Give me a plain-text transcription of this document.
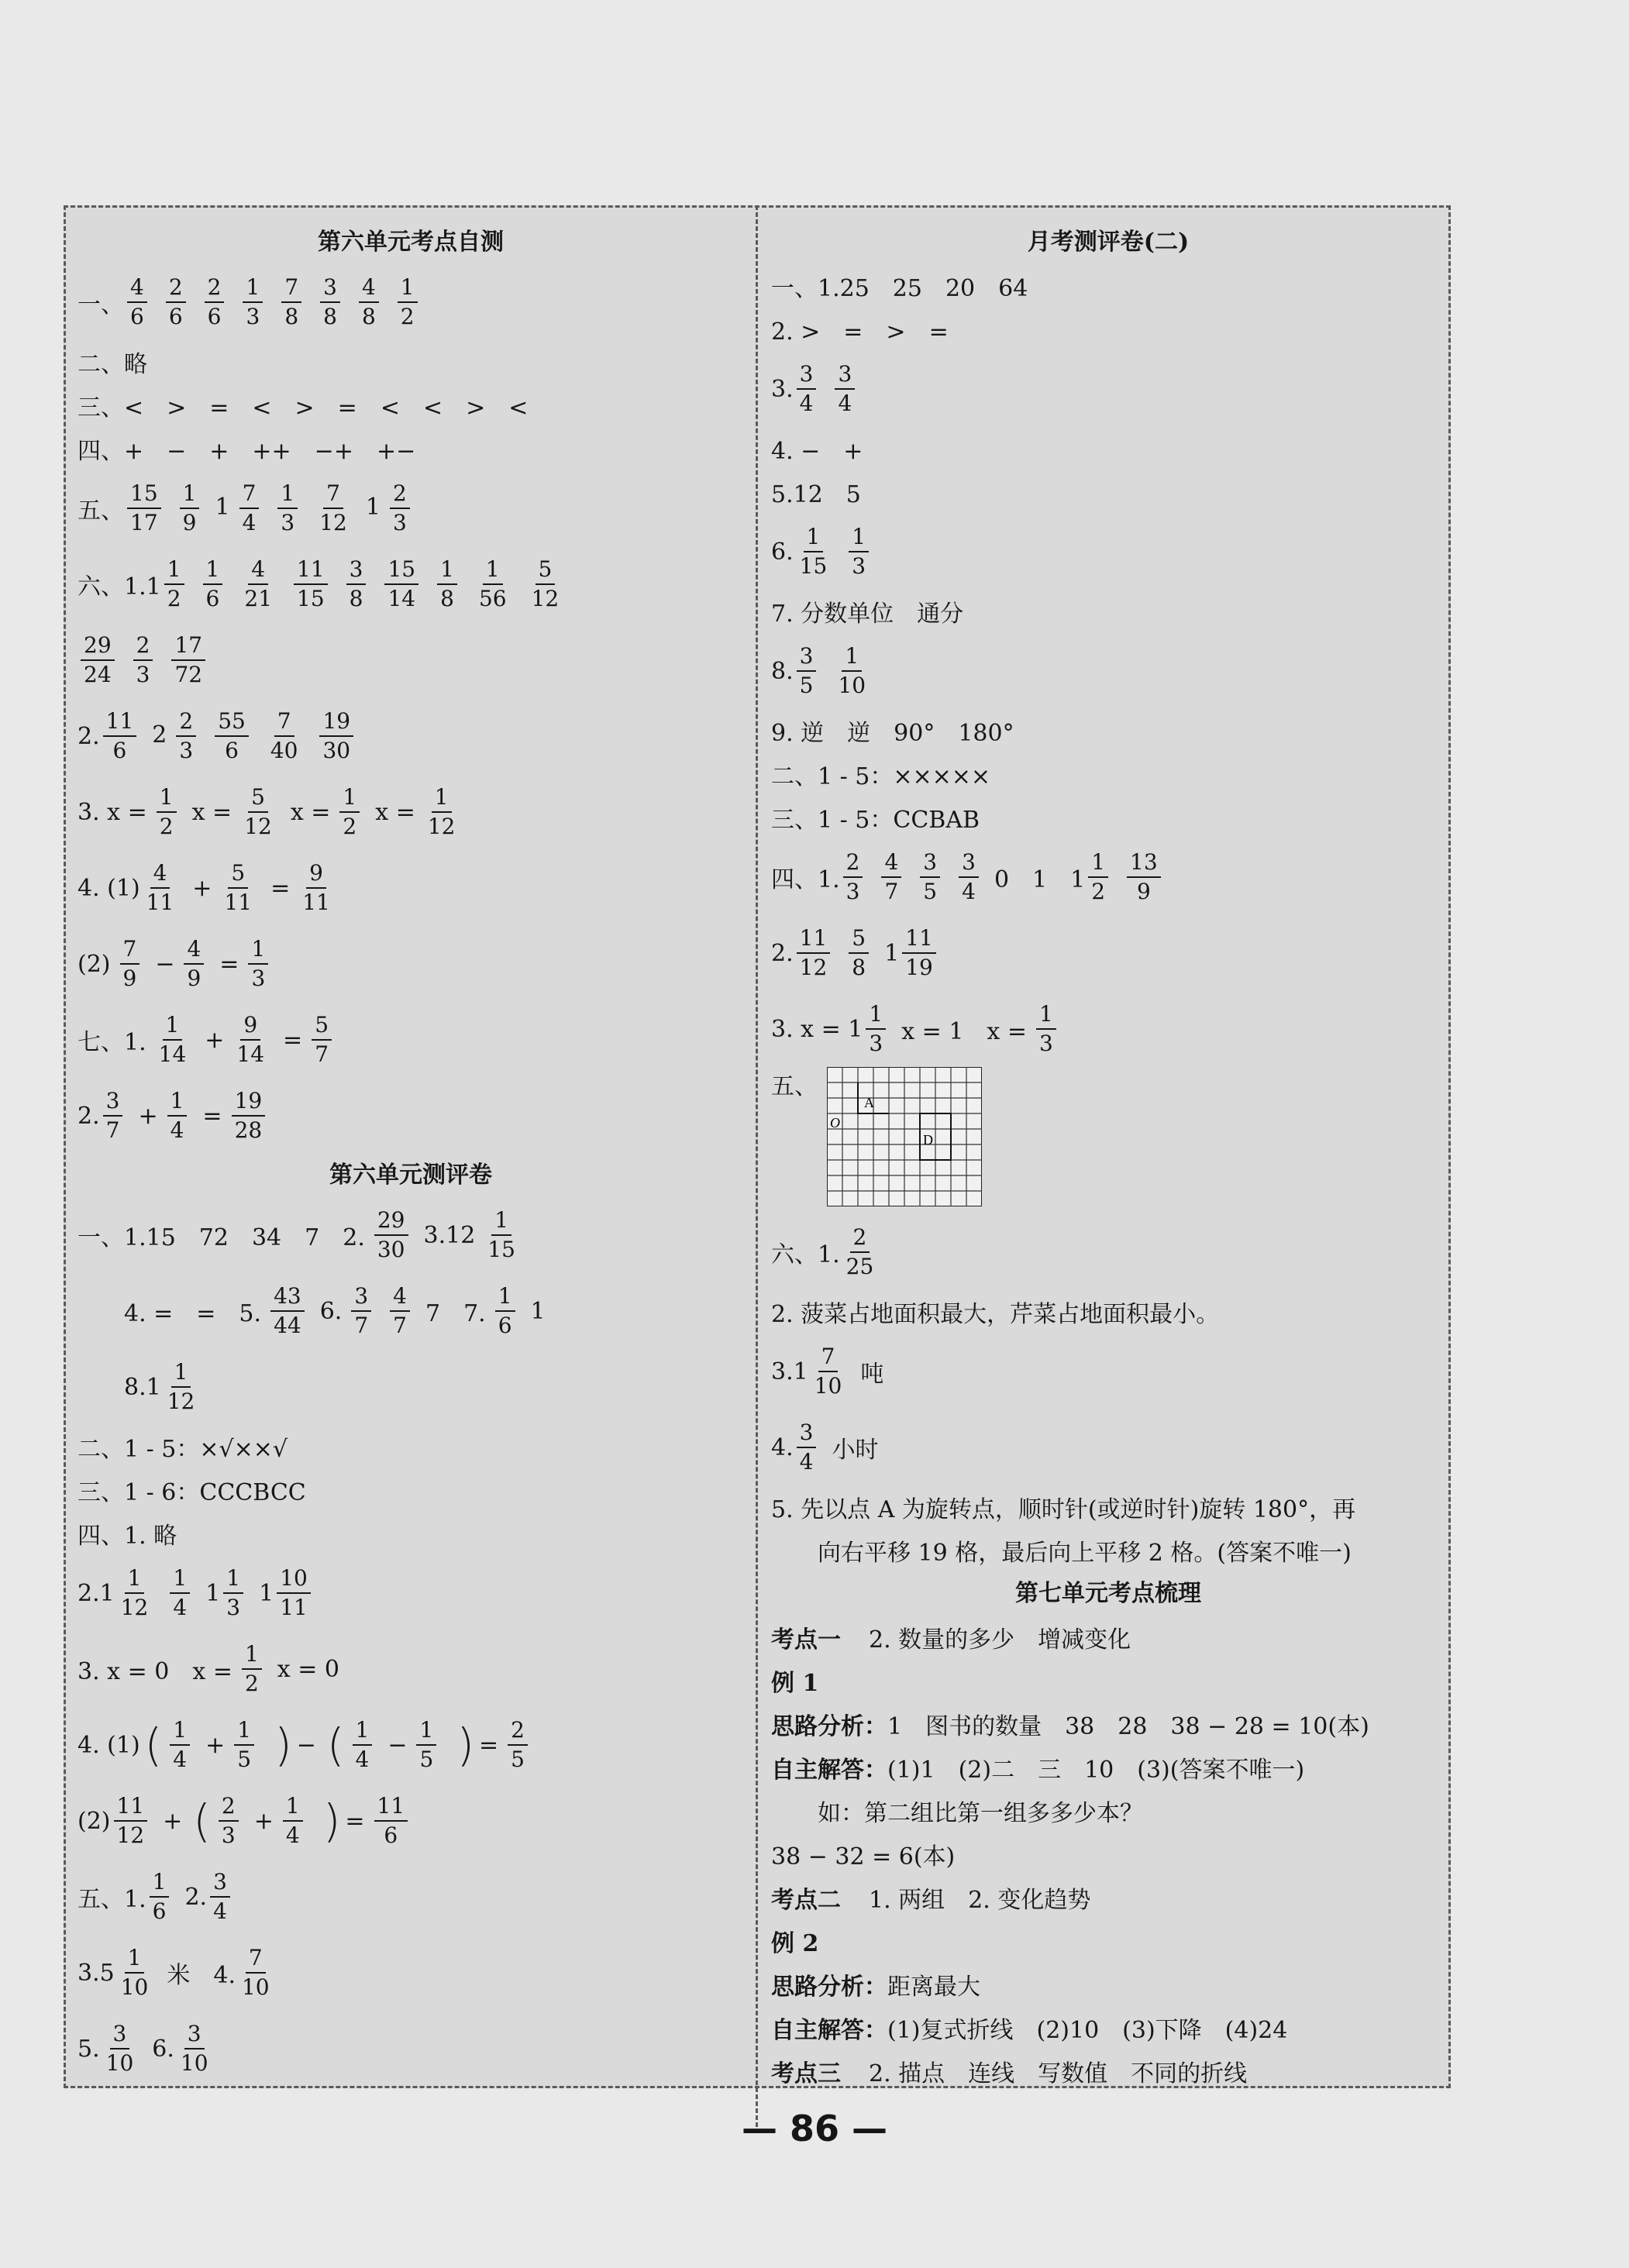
第六单元考点自测
一、 $\frac{4}{6} \frac{2}{6} \frac{2}{6} \frac{1}{3} \frac{7}{8} \frac{3}{8} \frac{4}{8} \frac{1}{2}$
二、略
三、<　>　=　<　>　=　<　<　>　<
四、+　−　+　++　−+　+−
五、 $\frac{15}{17} \frac{1}{9} 1 \frac{7}{4} \frac{1}{3} \frac{7}{12} 1 \frac{2}{3}$
六、$1.1 \frac{1}{2} \frac{1}{6} \frac{4}{21} \frac{11}{15} \frac{3}{8} \frac{15}{14} \frac{1}{8} \frac{1}{56} \frac{5}{12}$
$\frac{29}{24} \frac{2}{3} \frac{17}{72}$
2. $\frac{11}{6} 2 \frac{2}{3} \frac{55}{6} \frac{7}{40} \frac{19}{30}$
3. $x = \frac{1}{2}$ $x = \frac{5}{12}$ $x = \frac{1}{2}$ $x = \frac{1}{12}$
4. $(1) \frac{4}{11} + \frac{5}{11} = \frac{9}{11}$
$(2) \frac{7}{9} - \frac{4}{9} = \frac{1}{3}$
七、1. $\frac{1}{14} + \frac{9}{14} = \frac{5}{7}$
2. $\frac{3}{7} + \frac{1}{4} = \frac{19}{28}$
第六单元测评卷
一、1.15　72　34　7　2. $\frac{29}{30} 3.12 \frac{1}{15}$
4. =　=　5. $\frac{43}{44} 6$. $\frac{3}{7} \frac{4}{7} 7$　7. $\frac{1}{6} 1$
$8.1 \frac{1}{12}$
二、1 - 5：×√××√
三、1 - 6：CCCBCC
四、1. 略
$2.1 \frac{1}{12} \frac{1}{4} 1 \frac{1}{3} 1 \frac{10}{11}$
3. x = 0　$x = \frac{1}{2}$ x = 0
4. (1) ( $\frac{1}{4} + \frac{1}{5}$ ) − ( $\frac{1}{4} - \frac{1}{5}$ ) = $\frac{2}{5}$
$(2) \frac{11}{12}$ + ( $\frac{2}{3} + \frac{1}{4}$ ) = $\frac{11}{6}$
五、1. $\frac{1}{6} 2$. $\frac{3}{4}$
$3.5 \frac{1}{10}$ 米　4. $\frac{7}{10}$
5. $\frac{3}{10} 6$. $\frac{3}{10}$
月考测评卷(二)
一、1.25　25　20　64
2. >　=　>　=
3. $\frac{3}{4} \frac{3}{4}$
4. −　+
5.12　5
6. $\frac{1}{15} \frac{1}{3}$
7. 分数单位　通分
8. $\frac{3}{5} \frac{1}{10}$
9. 逆　逆　90°　180°
二、1 - 5：×××××
三、1 - 5：CCBAB
四、1. $\frac{2}{3} \frac{4}{7} \frac{3}{5} \frac{3}{4} 0$　1　$1 \frac{1}{2} \frac{13}{9}$
2. $\frac{11}{12} \frac{5}{8} 1 \frac{11}{19}$
3. $x = 1 \frac{1}{3}$ x = 1　$x = \frac{1}{3}$
五、
A
O
D
六、1. $\frac{2}{25}$
2. 菠菜占地面积最大，芹菜占地面积最小。
$3.1 \frac{7}{10}$ 吨
4. $\frac{3}{4}$ 小时
5. 先以点 A 为旋转点，顺时针(或逆时针)旋转 180°，再
向右平移 19 格，最后向上平移 2 格。(答案不唯一)
第七单元考点梳理
考点一 2. 数量的多少　增减变化
例 1
思路分析： 1　图书的数量　38　28　38 − 28 = 10(本)
自主解答： (1)1　(2)二　三　10　(3)(答案不唯一)
如：第二组比第一组多多少本？
38 − 32 = 6(本)
考点二 1. 两组　2. 变化趋势
例 2
思路分析： 距离最大
自主解答： (1)复式折线　(2)10　(3)下降　(4)24
考点三 2. 描点　连线　写数值　不同的折线
— 86 —
